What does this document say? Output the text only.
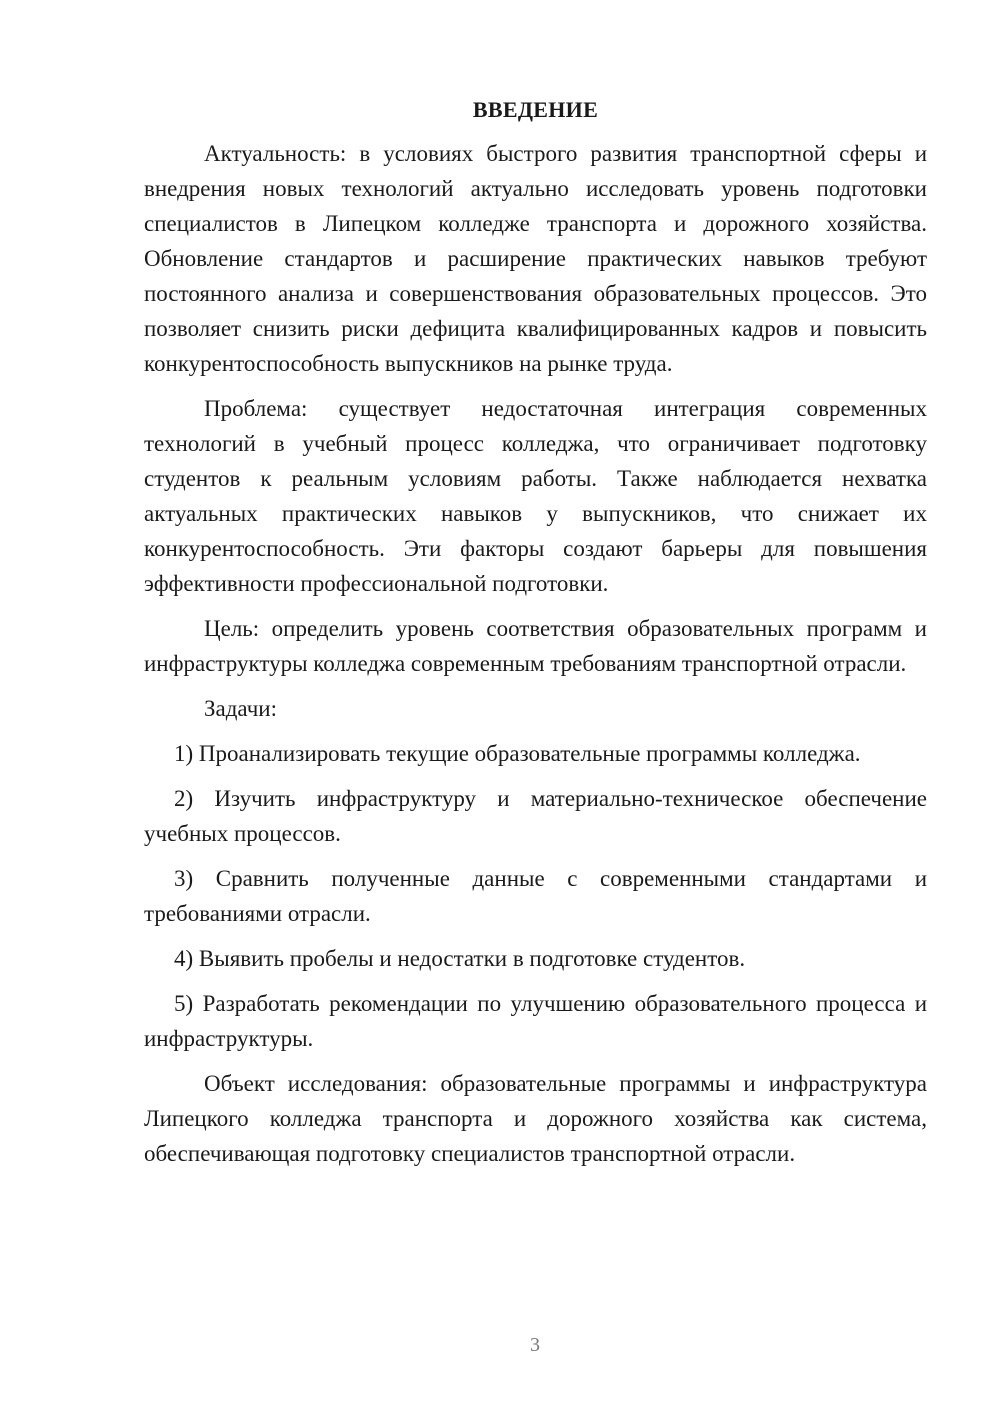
ВВЕДЕНИЕ

Актуальность: в условиях быстрого развития транспортной сферы и внедрения новых технологий актуально исследовать уровень подготовки специалистов в Липецком колледже транспорта и дорожного хозяйства. Обновление стандартов и расширение практических навыков требуют постоянного анализа и совершенствования образовательных процессов. Это позволяет снизить риски дефицита квалифицированных кадров и повысить конкурентоспособность выпускников на рынке труда.

Проблема: существует недостаточная интеграция современных технологий в учебный процесс колледжа, что ограничивает подготовку студентов к реальным условиям работы. Также наблюдается нехватка актуальных практических навыков у выпускников, что снижает их конкурентоспособность. Эти факторы создают барьеры для повышения эффективности профессиональной подготовки.

Цель: определить уровень соответствия образовательных программ и инфраструктуры колледжа современным требованиям транспортной отрасли.

Задачи:

1) Проанализировать текущие образовательные программы колледжа.

2) Изучить инфраструктуру и материально-техническое обеспечение учебных процессов.

3) Сравнить полученные данные с современными стандартами и требованиями отрасли.

4) Выявить пробелы и недостатки в подготовке студентов.

5) Разработать рекомендации по улучшению образовательного процесса и инфраструктуры.

Объект исследования: образовательные программы и инфраструктура Липецкого колледжа транспорта и дорожного хозяйства как система, обеспечивающая подготовку специалистов транспортной отрасли.

3
